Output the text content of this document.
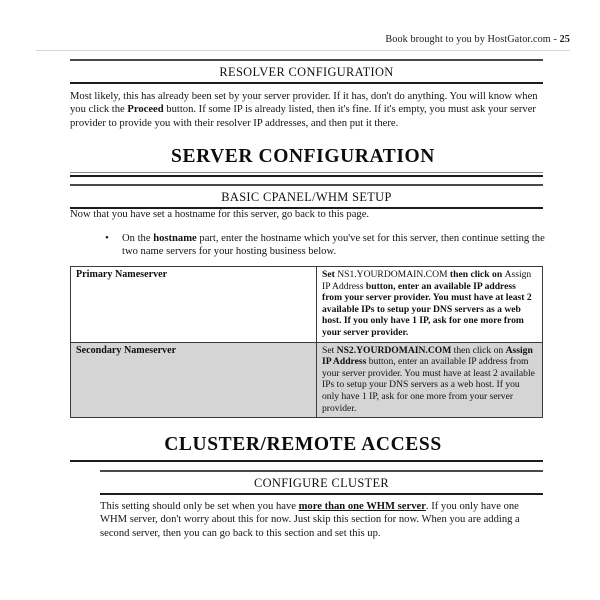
Book brought to you by HostGator.com - 25
RESOLVER CONFIGURATION
Most likely, this has already been set by your server provider. If it has, don't do anything. You will know when you click the Proceed button. If some IP is already listed, then it's fine. If it's empty, you must ask your server provider to provide you with their resolver IP addresses, and then put it there.
SERVER CONFIGURATION
BASIC CPANEL/WHM SETUP
Now that you have set a hostname for this server, go back to this page.
• On the hostname part, enter the hostname which you've set for this server, then continue setting the two name servers for your hosting business below.
Primary Nameserver	Set NS1.YOURDOMAIN.COM then click on Assign IP Address button, enter an available IP address from your server provider. You must have at least 2 available IPs to setup your DNS servers as a web host. If you only have 1 IP, ask for one more from your server provider.
Secondary Nameserver	Set NS2.YOURDOMAIN.COM then click on Assign IP Address button, enter an available IP address from your server provider. You must have at least 2 available IPs to setup your DNS servers as a web host. If you only have 1 IP, ask for one more from your server provider.
CLUSTER/REMOTE ACCESS
CONFIGURE CLUSTER
This setting should only be set when you have more than one WHM server. If you only have one WHM server, don't worry about this for now. Just skip this section for now. When you are adding a second server, then you can go back to this section and set this up.
